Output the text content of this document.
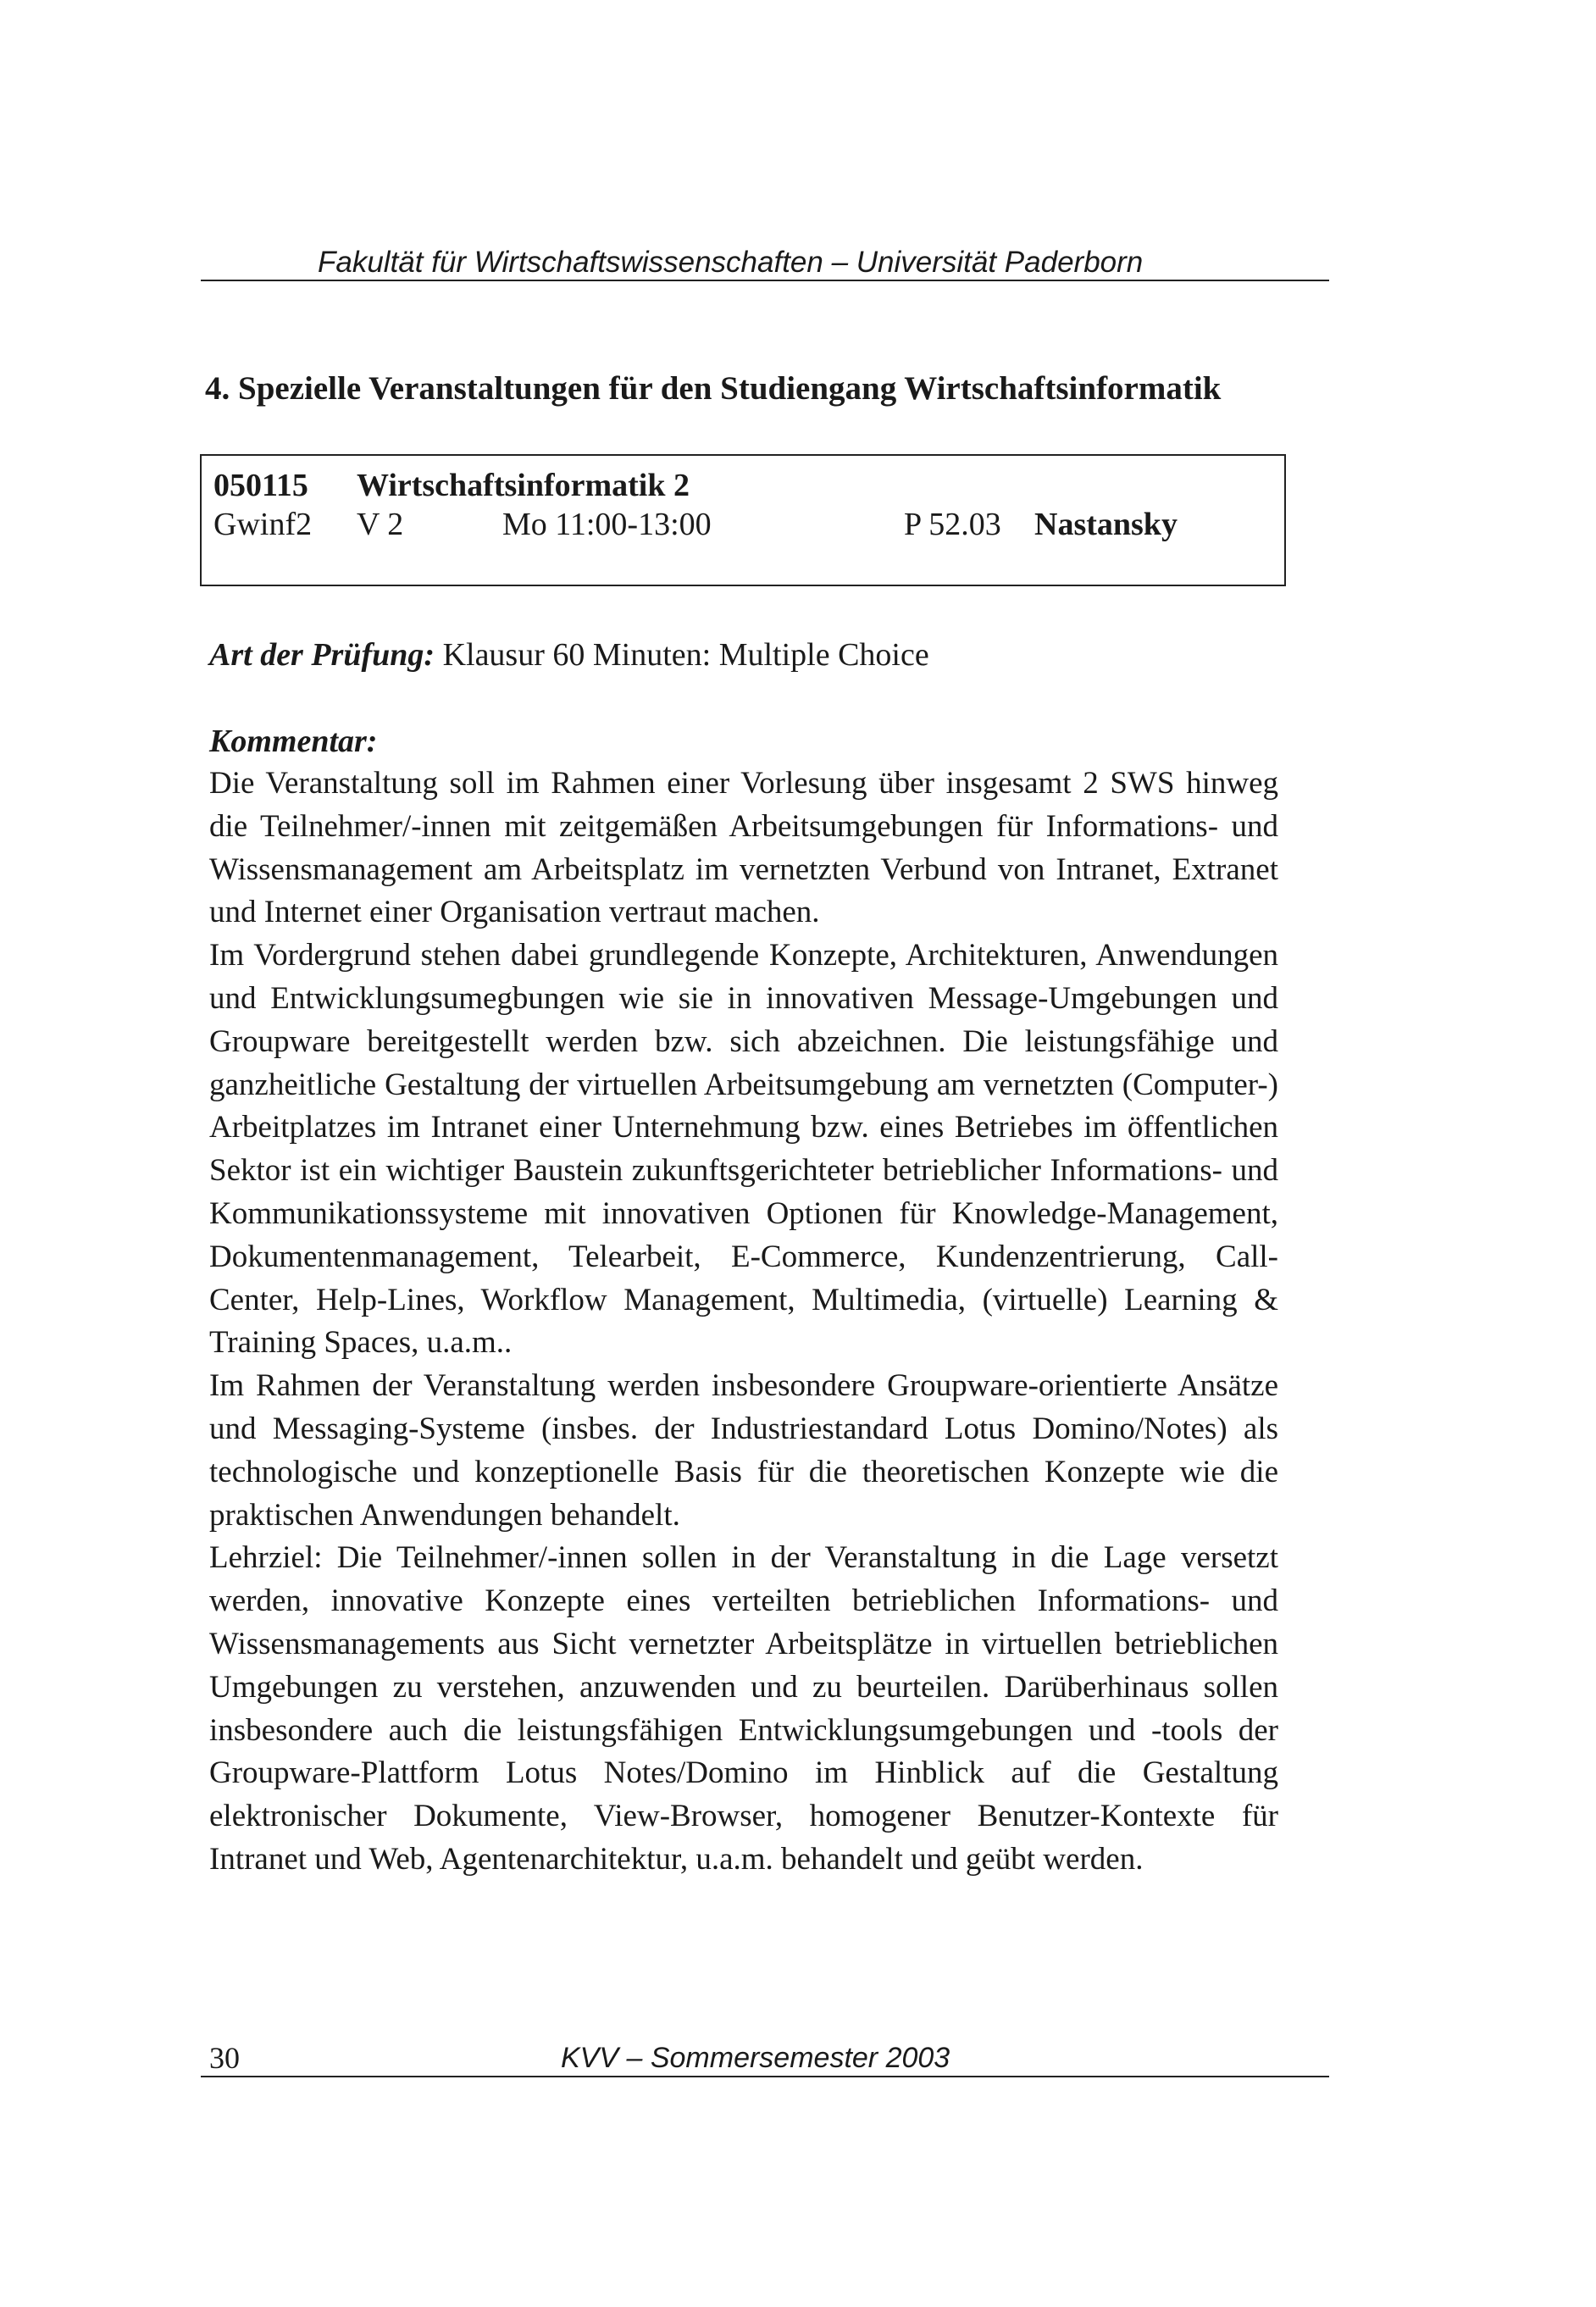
Fakultät für Wirtschaftswissenschaften – Universität Paderborn
4. Spezielle Veranstaltungen für den Studiengang Wirtschaftsinformatik
050115 Wirtschaftsinformatik 2
Gwinf2 V 2	Mo 11:00-13:00	P 52.03 Nastansky
Art der Prüfung: Klausur 60 Minuten: Multiple Choice
Kommentar:

Die Veranstaltung soll im Rahmen einer Vorlesung über insgesamt 2 SWS hinweg die Teilnehmer/-innen mit zeitgemäßen Arbeitsumgebungen für Informations- und Wissensmanagement am Arbeitsplatz im vernetzten Verbund von Intranet, Extranet und Internet einer Organisation vertraut machen.

Im Vordergrund stehen dabei grundlegende Konzepte, Architekturen, Anwendungen und Entwicklungsumegbungen wie sie in innovativen Message-Umgebungen und Groupware bereitgestellt werden bzw. sich abzeichnen. Die leistungsfähige und ganzheitliche Gestaltung der virtuellen Arbeitsumgebung am vernetzten (Computer-) Arbeitplatzes im Intranet einer Unternehmung bzw. eines Betriebes im öffentlichen Sektor ist ein wichtiger Baustein zukunftsgerichteter betrieblicher Informations- und Kommunikationssysteme mit innovativen Optionen für Knowledge-Management, Dokumentenmanagement, Telearbeit, E-Commerce, Kundenzentrierung, Call-Center, Help-Lines, Workflow Management, Multimedia, (virtuelle) Learning & Training Spaces, u.a.m..

Im Rahmen der Veranstaltung werden insbesondere Groupware-orientierte Ansätze und Messaging-Systeme (insbes. der Industriestandard Lotus Domino/Notes) als technologische und konzeptionelle Basis für die theoretischen Konzepte wie die praktischen Anwendungen behandelt.

Lehrziel: Die Teilnehmer/-innen sollen in der Veranstaltung in die Lage versetzt werden, innovative Konzepte eines verteilten betrieblichen Informations- und Wissensmanagements aus Sicht vernetzter Arbeitsplätze in virtuellen betrieblichen Umgebungen zu verstehen, anzuwenden und zu beurteilen. Darüberhinaus sollen insbesondere auch die leistungsfähigen Entwicklungsumgebungen und -tools der Groupware-Plattform Lotus Notes/Domino im Hinblick auf die Gestaltung elektronischer Dokumente, View-Browser, homogener Benutzer-Kontexte für Intranet und Web, Agentenarchitektur, u.a.m. behandelt und geübt werden.

30	KVV – Sommersemester 2003
